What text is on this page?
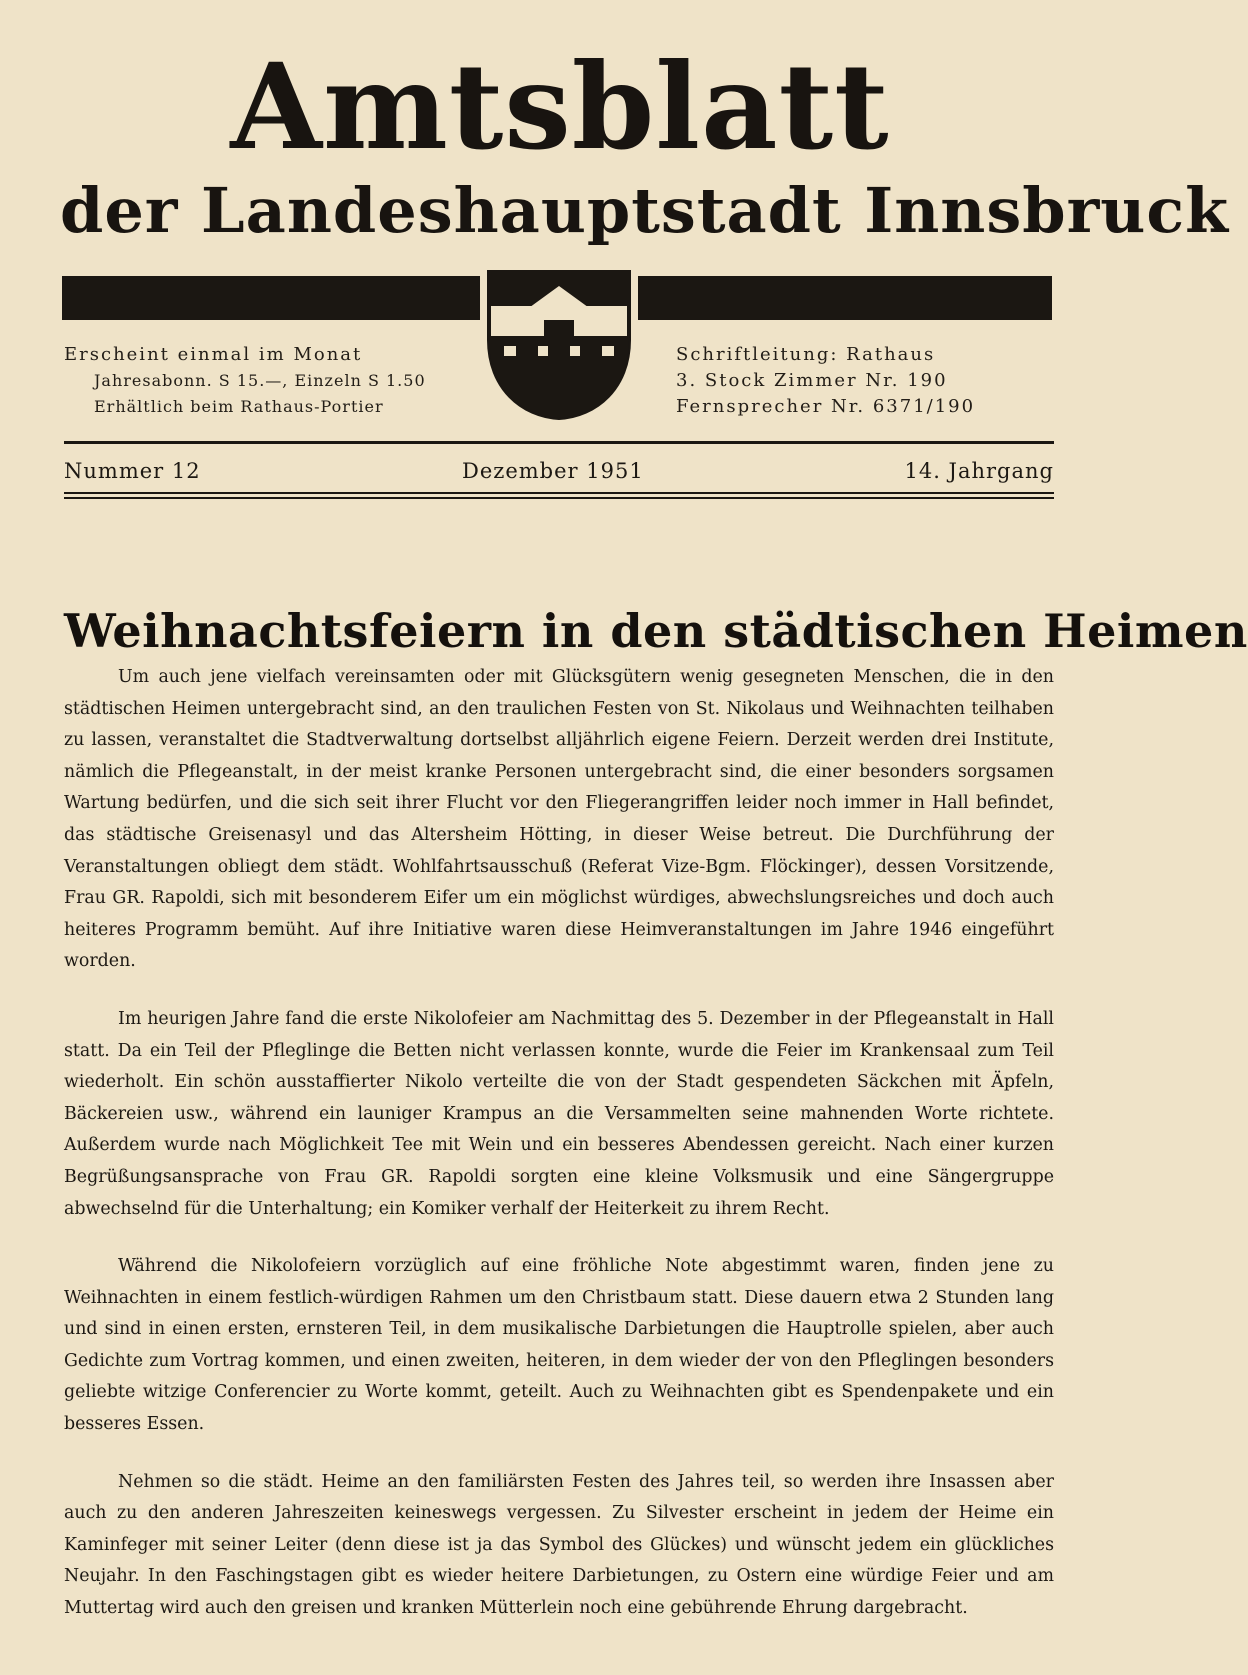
Amtsblatt
der Landeshauptstadt Innsbruck
Erscheint einmal im Monat
Jahresabonn. S 15.—, Einzeln S 1.50
Erhältlich beim Rathaus-Portier
Schriftleitung: Rathaus
3. Stock Zimmer Nr. 190
Fernsprecher Nr. 6371/190
Nummer 12	Dezember 1951	14. Jahrgang
Weihnachtsfeiern in den städtischen Heimen

Um auch jene vielfach vereinsamten oder mit Glücksgütern wenig gesegneten Menschen, die in den städtischen Heimen untergebracht sind, an den traulichen Festen von St. Nikolaus und Weihnachten teilhaben zu lassen, veranstaltet die Stadtverwaltung dortselbst alljährlich eigene Feiern. Derzeit werden drei Institute, nämlich die Pflegeanstalt, in der meist kranke Personen untergebracht sind, die einer besonders sorgsamen Wartung bedürfen, und die sich seit ihrer Flucht vor den Fliegerangriffen leider noch immer in Hall befindet, das städtische Greisenasyl und das Altersheim Hötting, in dieser Weise betreut. Die Durchführung der Veranstaltungen obliegt dem städt. Wohlfahrtsausschuß (Referat Vize-Bgm. Flöckinger), dessen Vorsitzende, Frau GR. Rapoldi, sich mit besonderem Eifer um ein möglichst würdiges, abwechslungsreiches und doch auch heiteres Programm bemüht. Auf ihre Initiative waren diese Heimveranstaltungen im Jahre 1946 eingeführt worden.

Im heurigen Jahre fand die erste Nikolofeier am Nachmittag des 5. Dezember in der Pflegeanstalt in Hall statt. Da ein Teil der Pfleglinge die Betten nicht verlassen konnte, wurde die Feier im Krankensaal zum Teil wiederholt. Ein schön ausstaffierter Nikolo verteilte die von der Stadt gespendeten Säckchen mit Äpfeln, Bäckereien usw., während ein launiger Krampus an die Versammelten seine mahnenden Worte richtete. Außerdem wurde nach Möglichkeit Tee mit Wein und ein besseres Abendessen gereicht. Nach einer kurzen Begrüßungsansprache von Frau GR. Rapoldi sorgten eine kleine Volksmusik und eine Sängergruppe abwechselnd für die Unterhaltung; ein Komiker verhalf der Heiterkeit zu ihrem Recht.

Während die Nikolofeiern vorzüglich auf eine fröhliche Note abgestimmt waren, finden jene zu Weihnachten in einem festlich-würdigen Rahmen um den Christbaum statt. Diese dauern etwa 2 Stunden lang und sind in einen ersten, ernsteren Teil, in dem musikalische Darbietungen die Hauptrolle spielen, aber auch Gedichte zum Vortrag kommen, und einen zweiten, heiteren, in dem wieder der von den Pfleglingen besonders geliebte witzige Conferencier zu Worte kommt, geteilt. Auch zu Weihnachten gibt es Spendenpakete und ein besseres Essen.

Nehmen so die städt. Heime an den familiärsten Festen des Jahres teil, so werden ihre Insassen aber auch zu den anderen Jahreszeiten keineswegs vergessen. Zu Silvester erscheint in jedem der Heime ein Kaminfeger mit seiner Leiter (denn diese ist ja das Symbol des Glückes) und wünscht jedem ein glückliches Neujahr. In den Faschingstagen gibt es wieder heitere Darbietungen, zu Ostern eine würdige Feier und am Muttertag wird auch den greisen und kranken Mütterlein noch eine gebührende Ehrung dargebracht.
